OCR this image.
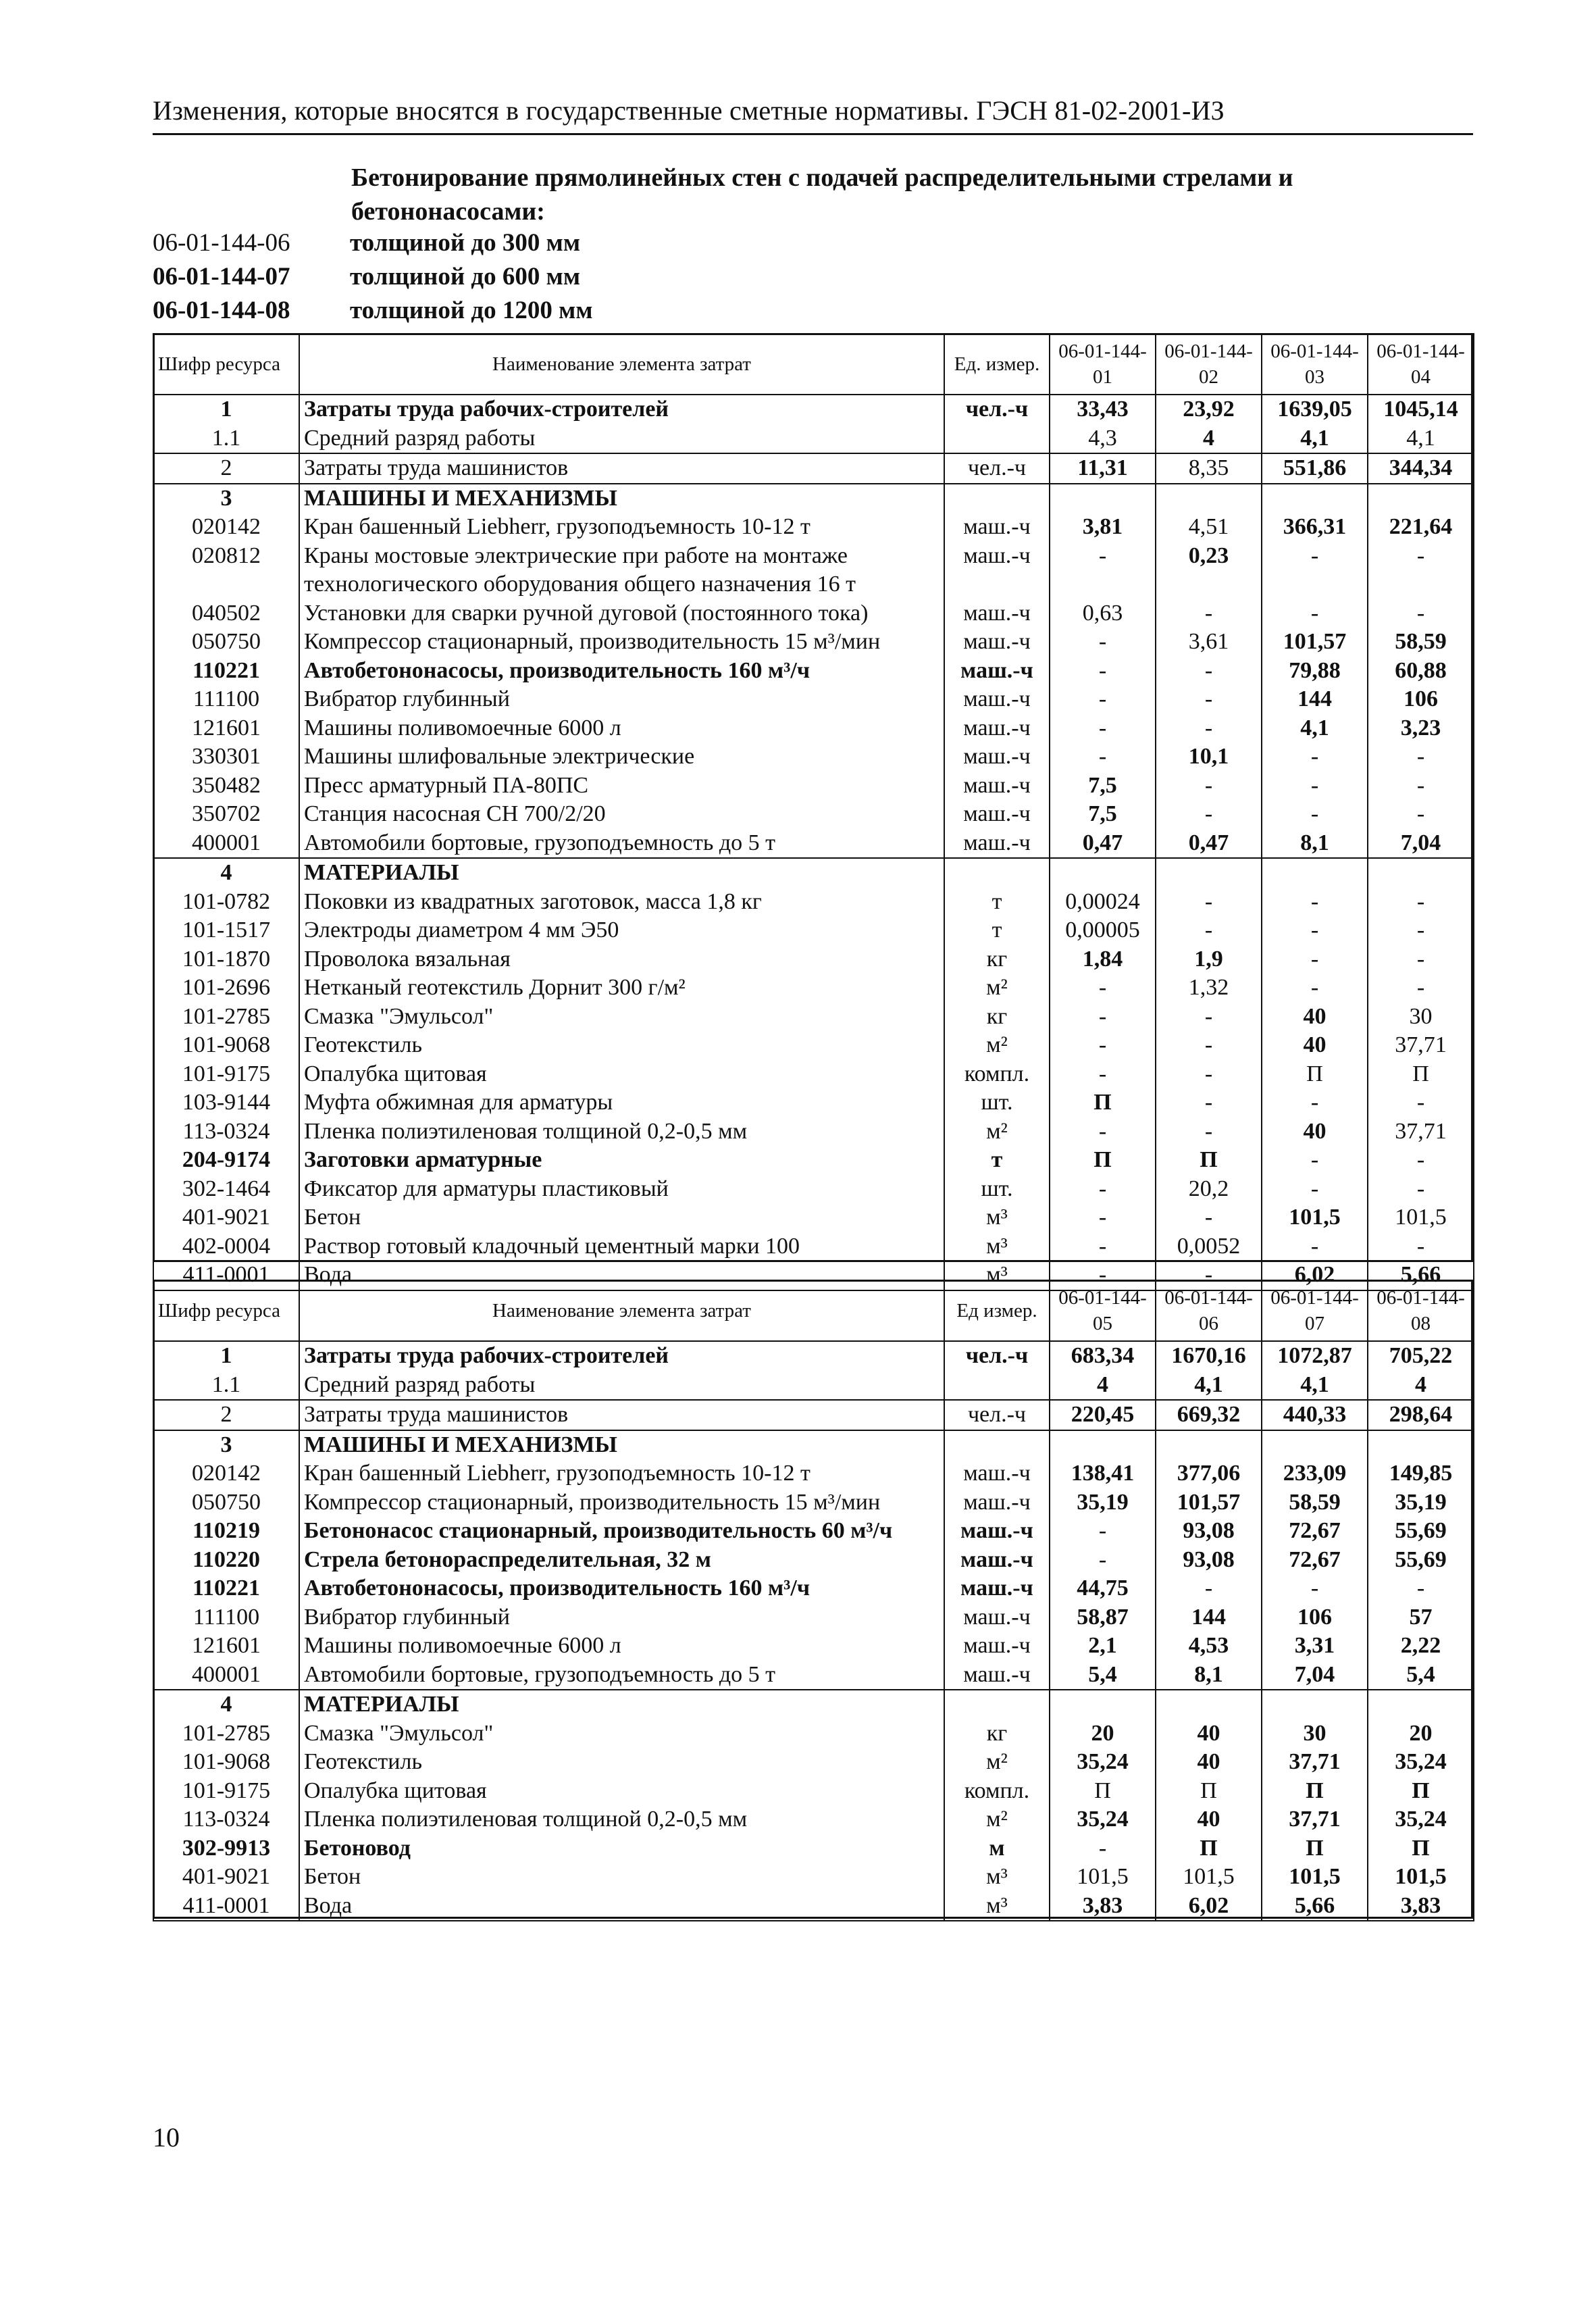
Изменения, которые вносятся в государственные сметные нормативы. ГЭСН 81-02-2001-ИЗ
Бетонирование прямолинейных стен с подачей распределительными стрелами и бетононасосами:
06-01-144-06	толщиной до 300 мм
06-01-144-07	толщиной до 600 мм
06-01-144-08	толщиной до 1200 мм
Шифр ресурса	Наименование элемента затрат	Ед. измер.	06-01-144-01	06-01-144-02	06-01-144-03	06-01-144-04
1	Затраты труда рабочих-строителей	чел.-ч	33,43	23,92	1639,05	1045,14
1.1	Средний разряд работы		4,3	4	4,1	4,1
2	Затраты труда машинистов	чел.-ч	11,31	8,35	551,86	344,34
3	МАШИНЫ И МЕХАНИЗМЫ					
020142	Кран башенный Liebherr, грузоподъемность 10-12 т	маш.-ч	3,81	4,51	366,31	221,64
020812	Краны мостовые электрические при работе на монтаже	маш.-ч	-	0,23	-	-
	технологического оборудования общего назначения 16 т					
040502	Установки для сварки ручной дуговой (постоянного тока)	маш.-ч	0,63	-	-	-
050750	Компрессор стационарный, производительность 15 м³/мин	маш.-ч	-	3,61	101,57	58,59
110221	Автобетононасосы, производительность 160 м³/ч	маш.-ч	-	-	79,88	60,88
111100	Вибратор глубинный	маш.-ч	-	-	144	106
121601	Машины поливомоечные 6000 л	маш.-ч	-	-	4,1	3,23
330301	Машины шлифовальные электрические	маш.-ч	-	10,1	-	-
350482	Пресс арматурный ПА-80ПС	маш.-ч	7,5	-	-	-
350702	Станция насосная СН 700/2/20	маш.-ч	7,5	-	-	-
400001	Автомобили бортовые, грузоподъемность до 5 т	маш.-ч	0,47	0,47	8,1	7,04
4	МАТЕРИАЛЫ					
101-0782	Поковки из квадратных заготовок, масса 1,8 кг	т	0,00024	-	-	-
101-1517	Электроды диаметром 4 мм Э50	т	0,00005	-	-	-
101-1870	Проволока вязальная	кг	1,84	1,9	-	-
101-2696	Нетканый геотекстиль Дорнит 300 г/м²	м²	-	1,32	-	-
101-2785	Смазка "Эмульсол"	кг	-	-	40	30
101-9068	Геотекстиль	м²	-	-	40	37,71
101-9175	Опалубка щитовая	компл.	-	-	П	П
103-9144	Муфта обжимная для арматуры	шт.	П	-	-	-
113-0324	Пленка полиэтиленовая толщиной 0,2-0,5 мм	м²	-	-	40	37,71
204-9174	Заготовки арматурные	т	П	П	-	-
302-1464	Фиксатор для арматуры пластиковый	шт.	-	20,2	-	-
401-9021	Бетон	м³	-	-	101,5	101,5
402-0004	Раствор готовый кладочный цементный марки 100	м³	-	0,0052	-	-
411-0001	Вода	м³	-	-	6,02	5,66
Шифр ресурса	Наименование элемента затрат	Ед измер.	06-01-144-05	06-01-144-06	06-01-144-07	06-01-144-08
1	Затраты труда рабочих-строителей	чел.-ч	683,34	1670,16	1072,87	705,22
1.1	Средний разряд работы		4	4,1	4,1	4
2	Затраты труда машинистов	чел.-ч	220,45	669,32	440,33	298,64
3	МАШИНЫ И МЕХАНИЗМЫ					
020142	Кран башенный Liebherr, грузоподъемность 10-12 т	маш.-ч	138,41	377,06	233,09	149,85
050750	Компрессор стационарный, производительность 15 м³/мин	маш.-ч	35,19	101,57	58,59	35,19
110219	Бетононасос стационарный, производительность 60 м³/ч	маш.-ч	-	93,08	72,67	55,69
110220	Стрела бетонораспределительная, 32 м	маш.-ч	-	93,08	72,67	55,69
110221	Автобетононасосы, производительность 160 м³/ч	маш.-ч	44,75	-	-	-
111100	Вибратор глубинный	маш.-ч	58,87	144	106	57
121601	Машины поливомоечные 6000 л	маш.-ч	2,1	4,53	3,31	2,22
400001	Автомобили бортовые, грузоподъемность до 5 т	маш.-ч	5,4	8,1	7,04	5,4
4	МАТЕРИАЛЫ					
101-2785	Смазка "Эмульсол"	кг	20	40	30	20
101-9068	Геотекстиль	м²	35,24	40	37,71	35,24
101-9175	Опалубка щитовая	компл.	П	П	П	П
113-0324	Пленка полиэтиленовая толщиной 0,2-0,5 мм	м²	35,24	40	37,71	35,24
302-9913	Бетоновод	м	-	П	П	П
401-9021	Бетон	м³	101,5	101,5	101,5	101,5
411-0001	Вода	м³	3,83	6,02	5,66	3,83
10
